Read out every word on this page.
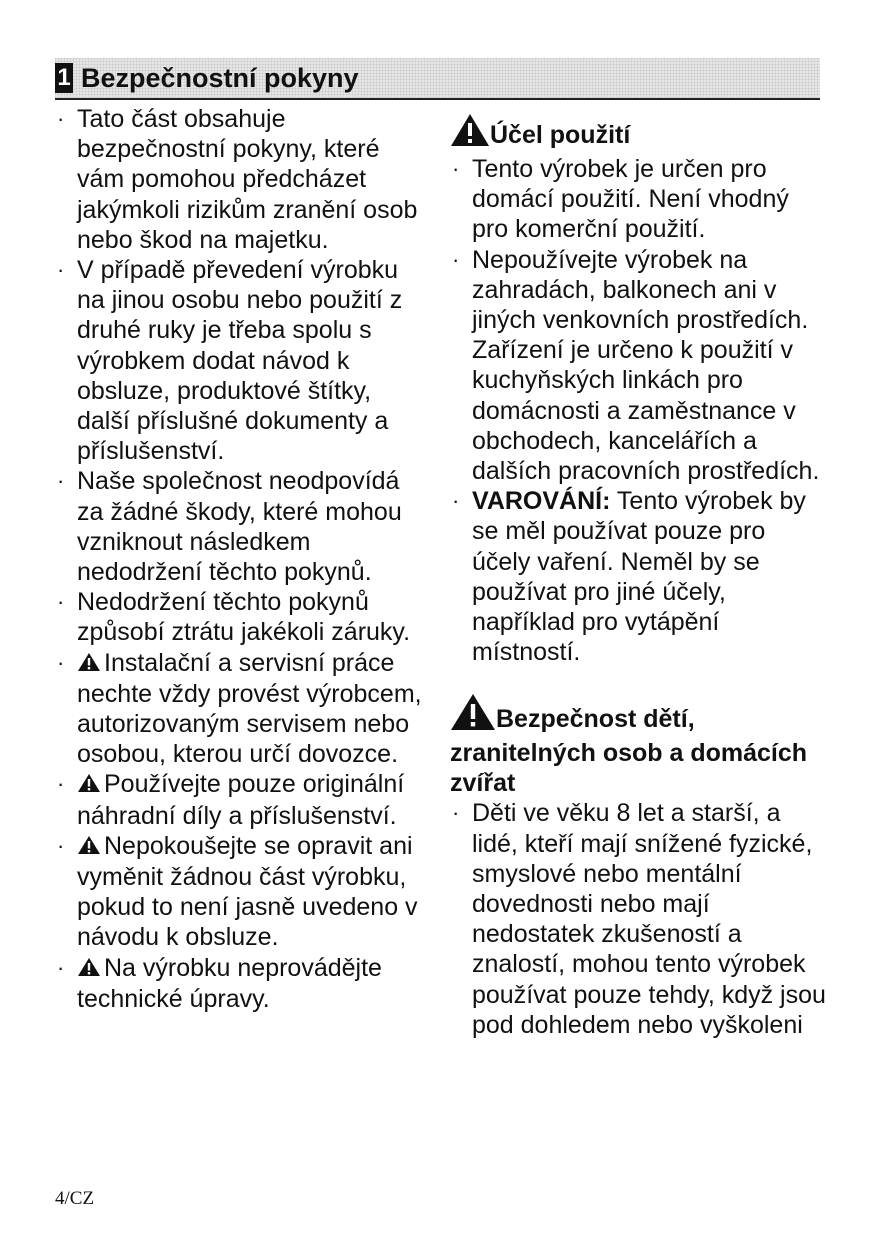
1 Bezpečnostní pokyny
· Tato část obsahuje bezpečnostní pokyny, které vám pomohou předcházet jakýmkoli rizikům zranění osob nebo škod na majetku.
· V případě převedení výrobku na jinou osobu nebo použití z druhé ruky je třeba spolu s výrobkem dodat návod k obsluze, produktové štítky, další příslušné dokumenty a příslušenství.
· Naše společnost neodpovídá za žádné škody, které mohou vzniknout následkem nedodržení těchto pokynů.
· Nedodržení těchto pokynů způsobí ztrátu jakékoli záruky.
· Instalační a servisní práce nechte vždy provést výrobcem, autorizovaným servisem nebo osobou, kterou určí dovozce.
· Používejte pouze originální náhradní díly a příslušenství.
· Nepokoušejte se opravit ani vyměnit žádnou část výrobku, pokud to není jasně uvedeno v návodu k obsluze.
· Na výrobku neprovádějte technické úpravy.
Účel použití
· Tento výrobek je určen pro domácí použití. Není vhodný pro komerční použití.
· Nepoužívejte výrobek na zahradách, balkonech ani v jiných venkovních prostředích. Zařízení je určeno k použití v kuchyňských linkách pro domácnosti a zaměstnance v obchodech, kancelářích a dalších pracovních prostředích.
· VAROVÁNÍ: Tento výrobek by se měl používat pouze pro účely vaření. Neměl by se používat pro jiné účely, například pro vytápění místností.
Bezpečnost dětí, zranitelných osob a domácích zvířat
· Děti ve věku 8 let a starší, a lidé, kteří mají snížené fyzické, smyslové nebo mentální dovednosti nebo mají nedostatek zkušeností a znalostí, mohou tento výrobek používat pouze tehdy, když jsou pod dohledem nebo vyškoleni
4/CZ
